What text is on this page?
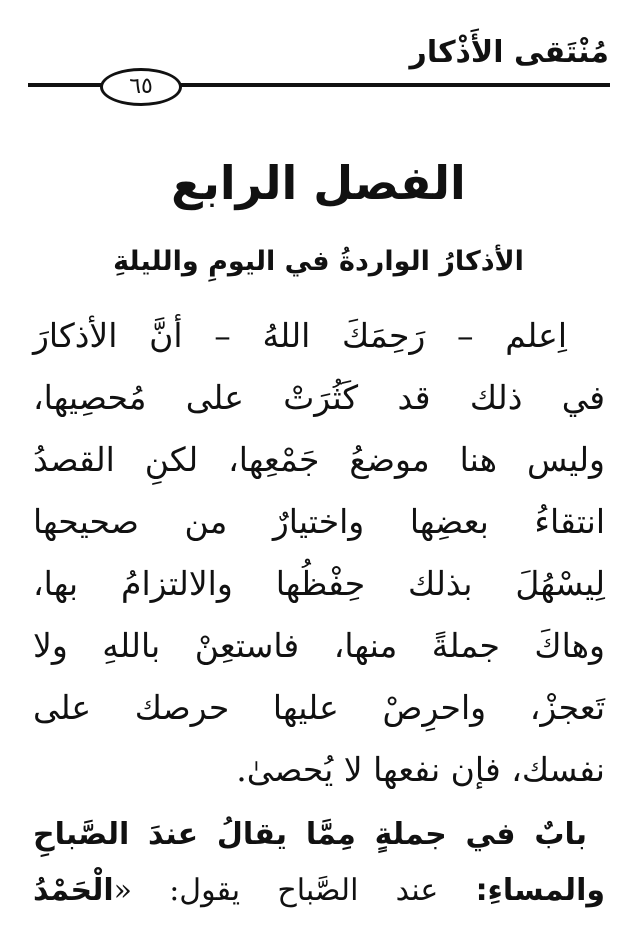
مُنْتَقى الأَذْكار
٦٥
الفصل الرابع
الأذكارُ الواردةُ في اليومِ والليلةِ
اِعلم – رَحِمَكَ اللهُ – أنَّ الأذكارَ
في ذلك قد كَثُرَتْ على مُحصِيها،
وليس هنا موضعُ جَمْعِها، لكنِ القصدُ
انتقاءُ بعضِها واختيارٌ من صحيحها
لِيسْهُلَ بذلك حِفْظُها والالتزامُ بها،
وهاكَ جملةً منها، فاستعِنْ باللهِ ولا
تَعجزْ، واحرِصْ عليها حرصك على
نفسك، فإن نفعها لا يُحصىٰ.
بابٌ في جملةٍ مِمَّا يقالُ عندَ الصَّباحِ
والمساءِ: عند الصَّباح يقول: «الْحَمْدُ
